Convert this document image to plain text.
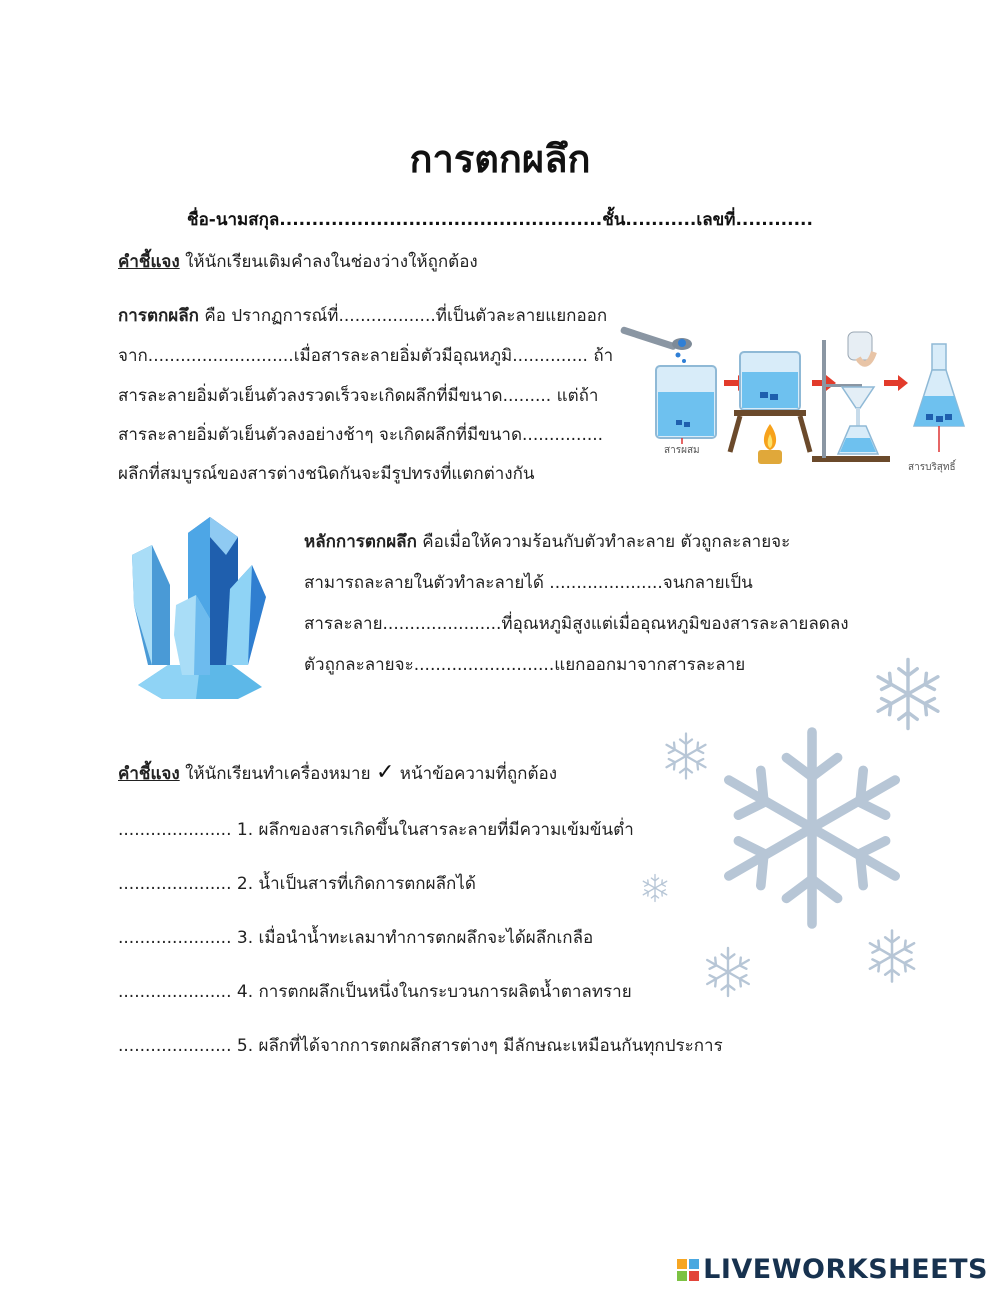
การตกผลึก
ชื่อ-นามสกุล..................................................ชั้น...........เลขที่............
คำชี้แจง ให้นักเรียนเติมคำลงในช่องว่างให้ถูกต้อง
การตกผลึก คือ ปรากฏการณ์ที่..................ที่เป็นตัวละลายแยกออก
จาก...........................เมื่อสารละลายอิ่มตัวมีอุณหภูมิ.............. ถ้า
สารละลายอิ่มตัวเย็นตัวลงรวดเร็วจะเกิดผลึกที่มีขนาด......... แต่ถ้า
สารละลายอิ่มตัวเย็นตัวลงอย่างช้าๆ จะเกิดผลึกที่มีขนาด...............
ผลึกที่สมบูรณ์ของสารต่างชนิดกันจะมีรูปทรงที่แตกต่างกัน
สารผสม
สารบริสุทธิ์
หลักการตกผลึก คือเมื่อให้ความร้อนกับตัวทำละลาย ตัวถูกละลายจะ
สามารถละลายในตัวทำละลายได้ .....................จนกลายเป็น
สารละลาย......................ที่อุณหภูมิสูงแต่เมื่ออุณหภูมิของสารละลายลดลง
ตัวถูกละลายจะ..........................แยกออกมาจากสารละลาย
คำชี้แจง ให้นักเรียนทำเครื่องหมาย ✓ หน้าข้อความที่ถูกต้อง
..................... 1. ผลึกของสารเกิดขึ้นในสารละลายที่มีความเข้มข้นต่ำ
..................... 2. น้ำเป็นสารที่เกิดการตกผลึกได้
..................... 3. เมื่อนำน้ำทะเลมาทำการตกผลึกจะได้ผลึกเกลือ
..................... 4. การตกผลึกเป็นหนึ่งในกระบวนการผลิตน้ำตาลทราย
..................... 5. ผลึกที่ได้จากการตกผลึกสารต่างๆ มีลักษณะเหมือนกันทุกประการ
LIVEWORKSHEETS
